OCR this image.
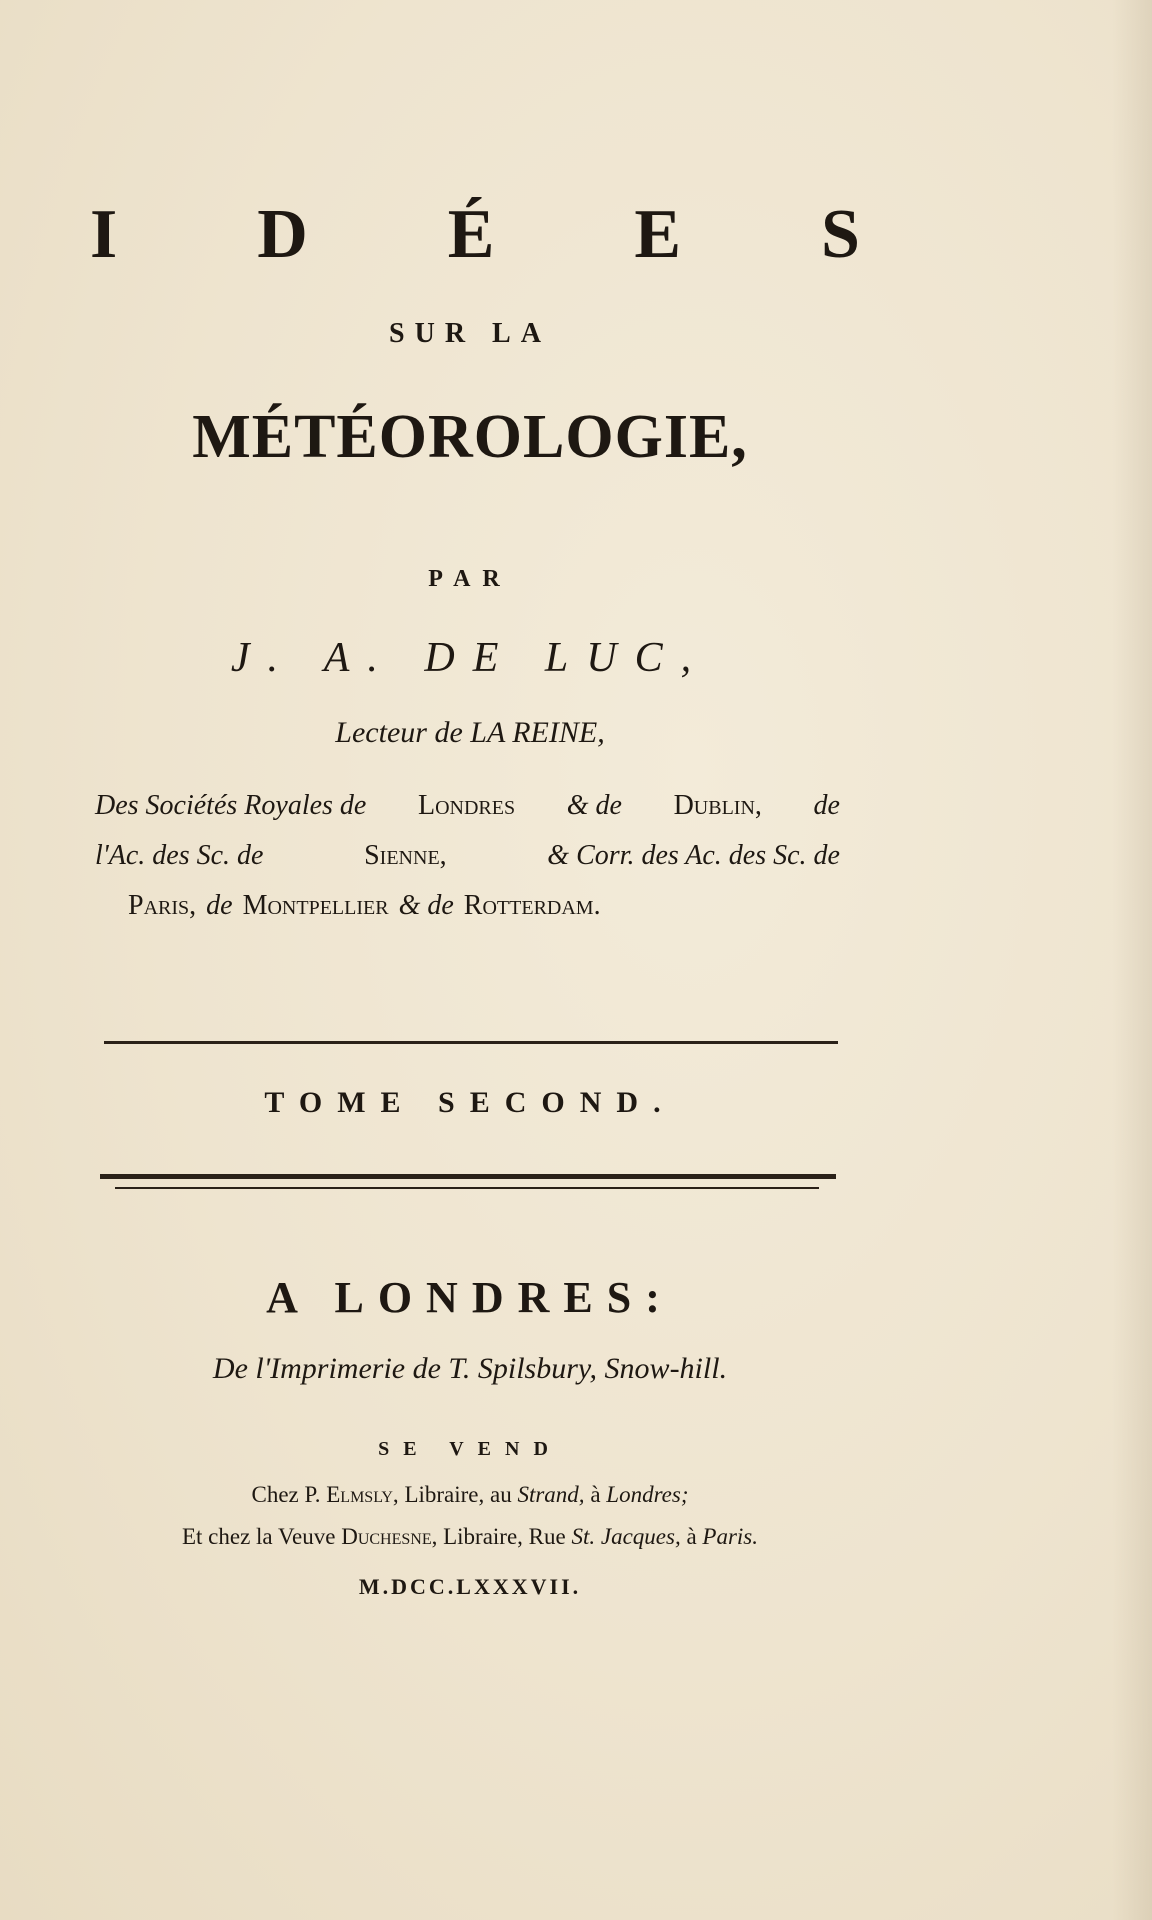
I D É E S
SUR LA
MÉTÉOROLOGIE,
PAR
J. A. DE LUC,
Lecteur de LA REINE,
Des Sociétés Royales de Londres & de Dublin, de
l'Ac. des Sc. de	Sienne,	& Corr. des Ac. des Sc. de
Paris, de Montpellier & de Rotterdam.
TOME SECOND.
A LONDRES:
De l'Imprimerie de T. Spilsbury, Snow-hill.
SE VEND
Chez P. Elmsly, Libraire, au Strand, à Londres;
Et chez la Veuve Duchesne, Libraire, Rue St. Jacques, à Paris.
M.DCC.LXXXVII.
